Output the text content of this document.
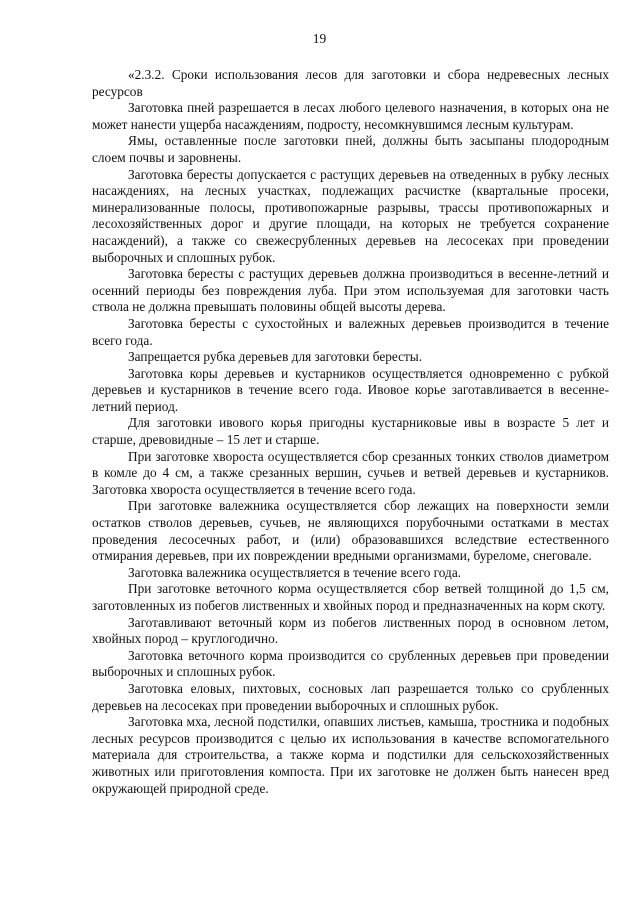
19

«2.3.2. Сроки использования лесов для заготовки и сбора недревесных лесных ресурсов

Заготовка пней разрешается в лесах любого целевого назначения, в которых она не может нанести ущерба насаждениям, подросту, несомкнувшимся лесным культурам.

Ямы, оставленные после заготовки пней, должны быть засыпаны плодородным слоем почвы и заровнены.

Заготовка бересты допускается с растущих деревьев на отведенных в рубку лесных насаждениях, на лесных участках, подлежащих расчистке (квартальные просеки, минерализованные полосы, противопожарные разрывы, трассы противопожарных и лесохозяйственных дорог и другие площади, на которых не требуется сохранение насаждений), а также со свежесрубленных деревьев на лесосеках при проведении выборочных и сплошных рубок.

Заготовка бересты с растущих деревьев должна производиться в весенне-летний и осенний периоды без повреждения луба. При этом используемая для заготовки часть ствола не должна превышать половины общей высоты дерева.

Заготовка бересты с сухостойных и валежных деревьев производится в течение всего года.

Запрещается рубка деревьев для заготовки бересты.

Заготовка коры деревьев и кустарников осуществляется одновременно с рубкой деревьев и кустарников в течение всего года. Ивовое корье заготавливается в весенне-летний период.

Для заготовки ивового корья пригодны кустарниковые ивы в возрасте 5 лет и старше, древовидные – 15 лет и старше.

При заготовке хвороста осуществляется сбор срезанных тонких стволов диаметром в комле до 4 см, а также срезанных вершин, сучьев и ветвей деревьев и кустарников. Заготовка хвороста осуществляется в течение всего года.

При заготовке валежника осуществляется сбор лежащих на поверхности земли остатков стволов деревьев, сучьев, не являющихся порубочными остатками в местах проведения лесосечных работ, и (или) образовавшихся вследствие естественного отмирания деревьев, при их повреждении вредными организмами, буреломе, снеговале.

Заготовка валежника осуществляется в течение всего года.

При заготовке веточного корма осуществляется сбор ветвей толщиной до 1,5 см, заготовленных из побегов лиственных и хвойных пород и предназначенных на корм скоту.

Заготавливают веточный корм из побегов лиственных пород в основном летом, хвойных пород – круглогодично.

Заготовка веточного корма производится со срубленных деревьев при проведении выборочных и сплошных рубок.

Заготовка еловых, пихтовых, сосновых лап разрешается только со срубленных деревьев на лесосеках при проведении выборочных и сплошных рубок.

Заготовка мха, лесной подстилки, опавших листьев, камыша, тростника и подобных лесных ресурсов производится с целью их использования в качестве вспомогательного материала для строительства, а также корма и подстилки для сельскохозяйственных животных или приготовления компоста. При их заготовке не должен быть нанесен вред окружающей природной среде.
